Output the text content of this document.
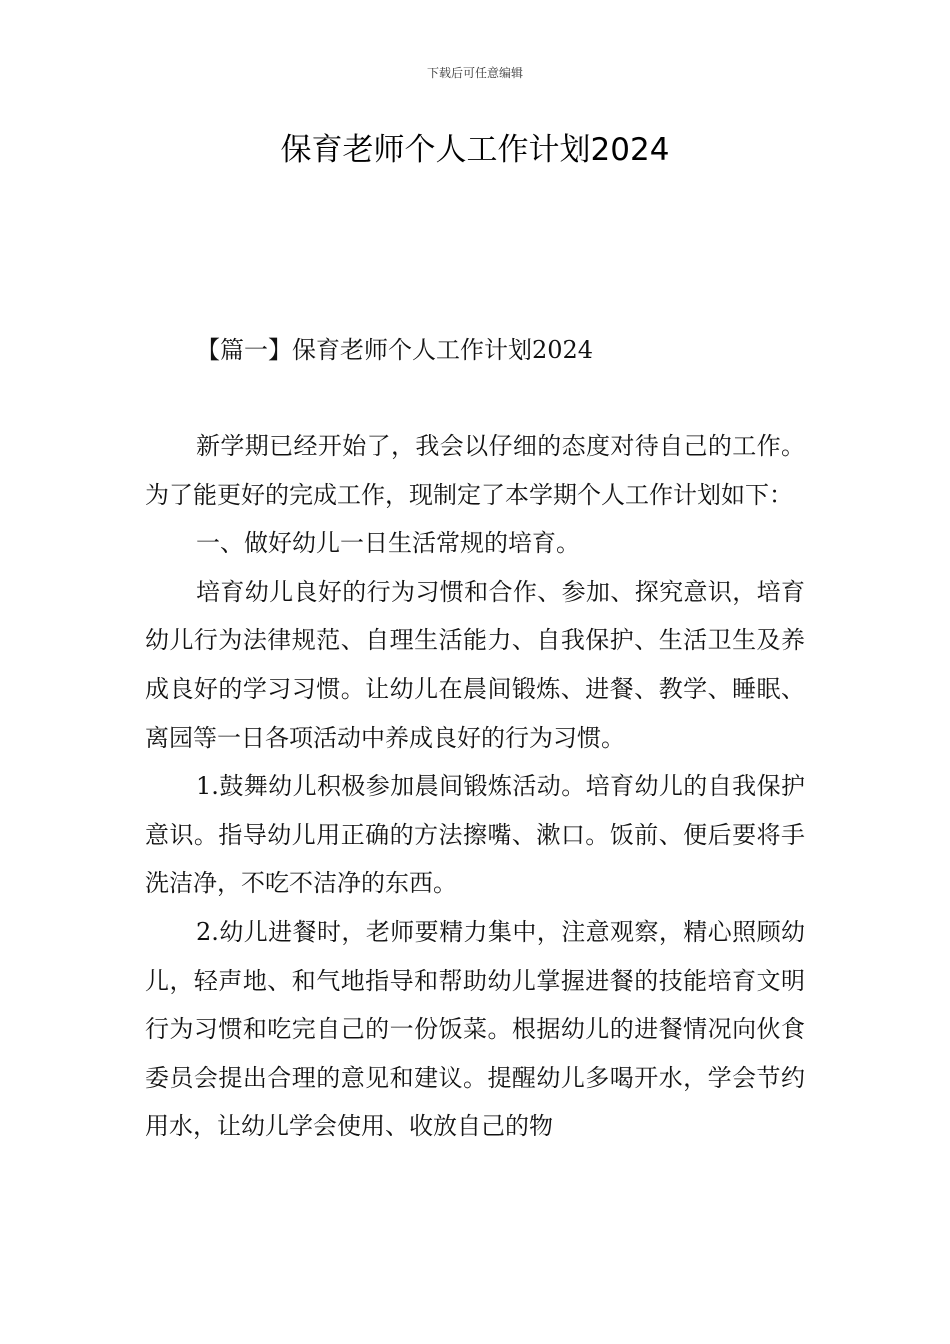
下载后可任意编辑
保育老师个人工作计划2024
【篇一】保育老师个人工作计划2024

新学期已经开始了，我会以仔细的态度对待自己的工作。为了能更好的完成工作，现制定了本学期个人工作计划如下：

一、做好幼儿一日生活常规的培育。

培育幼儿良好的行为习惯和合作、参加、探究意识，培育幼儿行为法律规范、自理生活能力、自我保护、生活卫生及养成良好的学习习惯。让幼儿在晨间锻炼、进餐、教学、睡眠、离园等一日各项活动中养成良好的行为习惯。

1.鼓舞幼儿积极参加晨间锻炼活动。培育幼儿的自我保护意识。指导幼儿用正确的方法擦嘴、漱口。饭前、便后要将手洗洁净，不吃不洁净的东西。

2.幼儿进餐时，老师要精力集中，注意观察，精心照顾幼儿，轻声地、和气地指导和帮助幼儿掌握进餐的技能培育文明行为习惯和吃完自己的一份饭菜。根据幼儿的进餐情况向伙食委员会提出合理的意见和建议。提醒幼儿多喝开水，学会节约用水，让幼儿学会使用、收放自己的物
